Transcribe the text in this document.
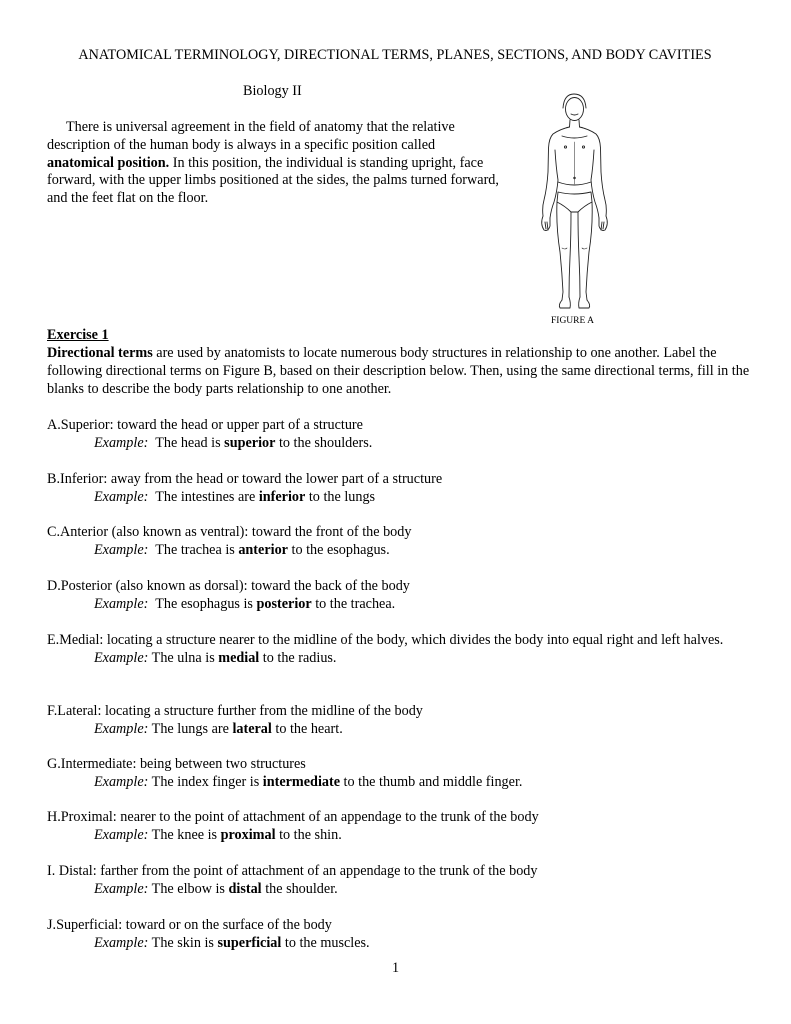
ANATOMICAL TERMINOLOGY, DIRECTIONAL TERMS, PLANES, SECTIONS, AND BODY CAVITIES
Biology II
There is universal agreement in the field of anatomy that the relative description of the human body is always in a specific position called anatomical position. In this position, the individual is standing upright, face forward, with the upper limbs positioned at the sides, the palms turned forward, and the feet flat on the floor.
FIGURE A
Exercise 1
Directional terms are used by anatomists to locate numerous body structures in relationship to one another. Label the following directional terms on Figure B, based on their description below. Then, using the same directional terms, fill in the blanks to describe the body parts relationship to one another.
A.Superior: toward the head or upper part of a structure
Example: The head is superior to the shoulders.
B.Inferior: away from the head or toward the lower part of a structure
Example: The intestines are inferior to the lungs
C.Anterior (also known as ventral): toward the front of the body
Example: The trachea is anterior to the esophagus.
D.Posterior (also known as dorsal): toward the back of the body
Example: The esophagus is posterior to the trachea.
E.Medial: locating a structure nearer to the midline of the body, which divides the body into equal right and left halves.
Example: The ulna is medial to the radius.
F.Lateral: locating a structure further from the midline of the body
Example: The lungs are lateral to the heart.
G.Intermediate: being between two structures
Example: The index finger is intermediate to the thumb and middle finger.
H.Proximal: nearer to the point of attachment of an appendage to the trunk of the body
Example: The knee is proximal to the shin.
I. Distal: farther from the point of attachment of an appendage to the trunk of the body
Example: The elbow is distal the shoulder.
J.Superficial: toward or on the surface of the body
Example: The skin is superficial to the muscles.
1
